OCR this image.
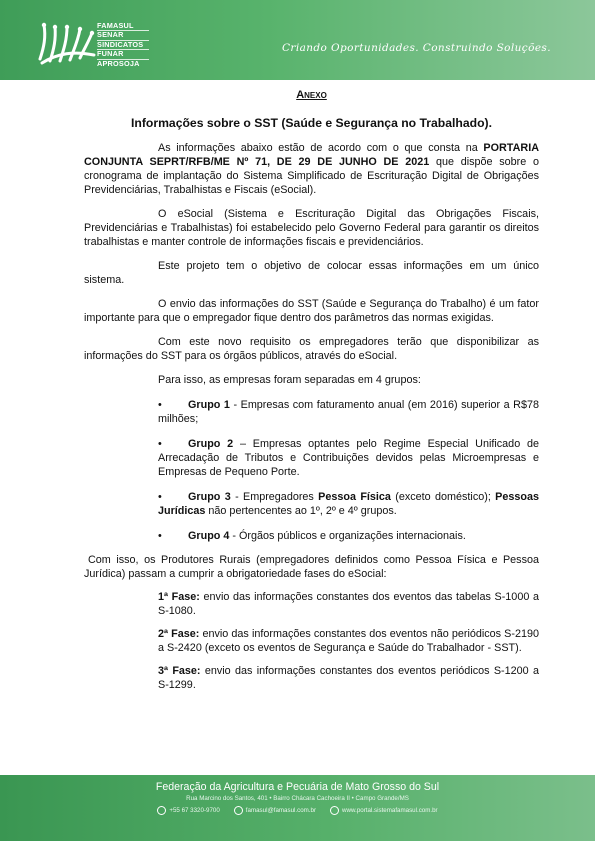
FAMASUL
SENAR
SINDICATOS
FUNAR
APROSOJA
Criando Oportunidades. Construindo Soluções.
Anexo
Informações sobre o SST (Saúde e Segurança no Trabalhado).
As informações abaixo estão de acordo com o que consta na PORTARIA CONJUNTA SEPRT/RFB/ME Nº 71, DE 29 DE JUNHO DE 2021 que dispõe sobre o cronograma de implantação do Sistema Simplificado de Escrituração Digital de Obrigações Previdenciárias, Trabalhistas e Fiscais (eSocial).
O eSocial (Sistema e Escrituração Digital das Obrigações Fiscais, Previdenciárias e Trabalhistas) foi estabelecido pelo Governo Federal para garantir os direitos trabalhistas e manter controle de informações fiscais e previdenciários.
Este projeto tem o objetivo de colocar essas informações em um único sistema.
O envio das informações do SST (Saúde e Segurança do Trabalho) é um fator importante para que o empregador fique dentro dos parâmetros das normas exigidas.
Com este novo requisito os empregadores terão que disponibilizar as informações do SST para os órgãos públicos, através do eSocial.
Para isso, as empresas foram separadas em 4 grupos:
• Grupo 1 - Empresas com faturamento anual (em 2016) superior a R$78 milhões;
• Grupo 2 – Empresas optantes pelo Regime Especial Unificado de Arrecadação de Tributos e Contribuições devidos pelas Microempresas e Empresas de Pequeno Porte.
• Grupo 3 - Empregadores Pessoa Física (exceto doméstico); Pessoas Jurídicas não pertencentes ao 1º, 2º e 4º grupos.
• Grupo 4 - Órgãos públicos e organizações internacionais.
Com isso, os Produtores Rurais (empregadores definidos como Pessoa Física e Pessoa Jurídica) passam a cumprir a obrigatoriedade fases do eSocial:
1ª Fase: envio das informações constantes dos eventos das tabelas S-1000 a S-1080.
2ª Fase: envio das informações constantes dos eventos não periódicos S-2190 a S-2420 (exceto os eventos de Segurança e Saúde do Trabalhador - SST).
3ª Fase: envio das informações constantes dos eventos periódicos S-1200 a S-1299.
Federação da Agricultura e Pecuária de Mato Grosso do Sul
Rua Marcino dos Santos, 401 • Bairro Chácara Cachoeira II • Campo Grande/MS
+55 67 3320-9700	famasul@famasul.com.br	www.portal.sistemafamasul.com.br
